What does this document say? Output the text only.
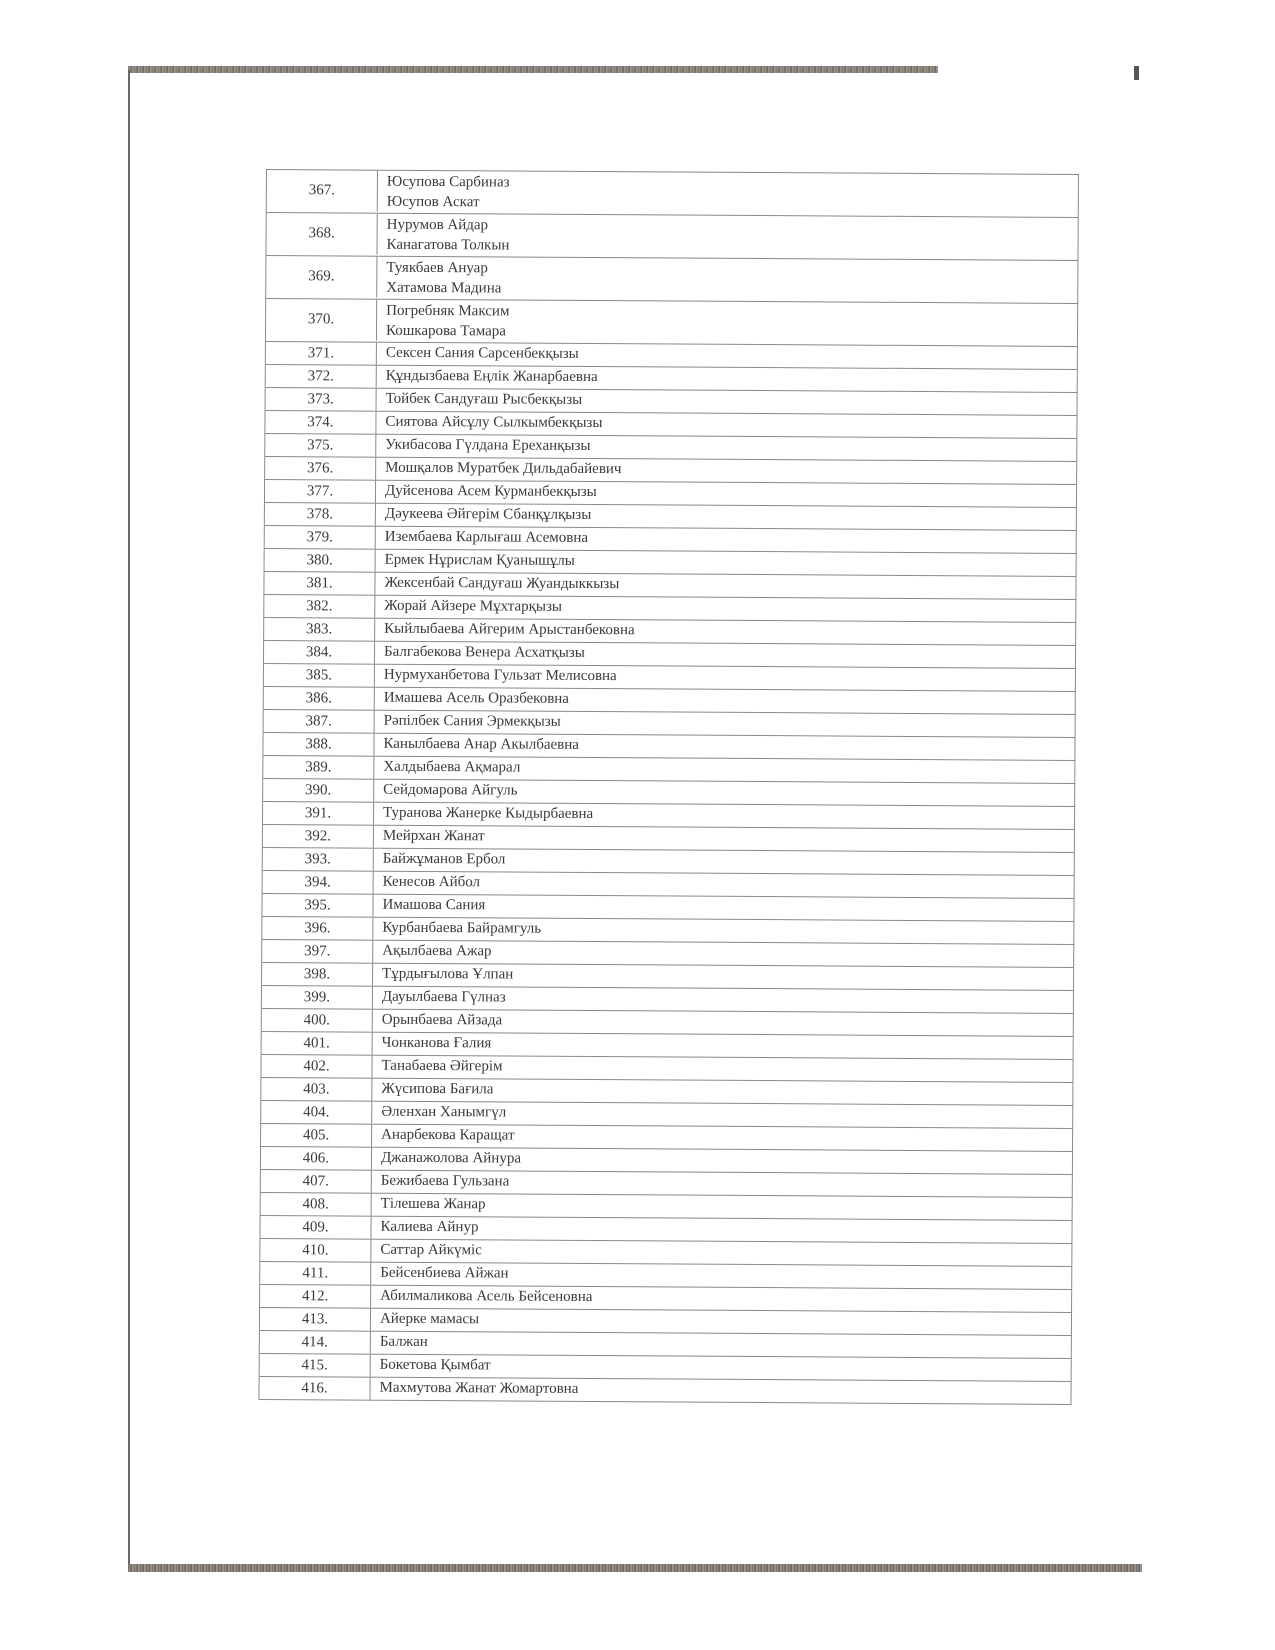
367.	Юсупова Сарбиназ
Юсупов Аскат
368.	Нурумов Айдар
Канагатова Толкын
369.	Туякбаев Ануар
Хатамова Мадина
370.	Погребняк Максим
Кошкарова Тамара
371.	Сексен Сания Сарсенбекқызы
372.	Құндызбаева Еңлік Жанарбаевна
373.	Тойбек Сандуғаш Рысбекқызы
374.	Сиятова Айсұлу Сылкымбекқызы
375.	Укибасова Гүлдана Ереханқызы
376.	Мошқалов Муратбек Дильдабайевич
377.	Дуйсенова Асем Курманбекқызы
378.	Дәукеева Әйгерім Сбанқұлқызы
379.	Изембаева Карлығаш Асемовна
380.	Ермек Нұрислам Қуанышұлы
381.	Жексенбай Сандуғаш Жуандыккызы
382.	Жорай Айзере Мұхтарқызы
383.	Кыйлыбаева Айгерим Арыстанбековна
384.	Балгабекова Венера Асхатқызы
385.	Нурмуханбетова Гульзат Мелисовна
386.	Имашева Асель Оразбековна
387.	Рәпілбек Сания Эрмекқызы
388.	Канылбаева Анар Акылбаевна
389.	Халдыбаева Ақмарал
390.	Сейдомарова Айгуль
391.	Туранова Жанерке Кыдырбаевна
392.	Мейрхан Жанат
393.	Байжұманов Ербол
394.	Кенесов Айбол
395.	Имашова Сания
396.	Курбанбаева Байрамгуль
397.	Ақылбаева Ажар
398.	Тұрдығылова Ұлпан
399.	Дауылбаева Гүлназ
400.	Орынбаева Айзада
401.	Чонканова Ғалия
402.	Танабаева Әйгерім
403.	Жүсипова Бағила
404.	Әленхан Ханымгүл
405.	Анарбекова Каращат
406.	Джанажолова Айнура
407.	Бежибаева Гульзана
408.	Тілешева Жанар
409.	Калиева Айнур
410.	Саттар Айкүміс
411.	Бейсенбиева Айжан
412.	Абилмаликова Асель Бейсеновна
413.	Айерке мамасы
414.	Балжан
415.	Бокетова Қымбат
416.	Махмутова Жанат Жомартовна
